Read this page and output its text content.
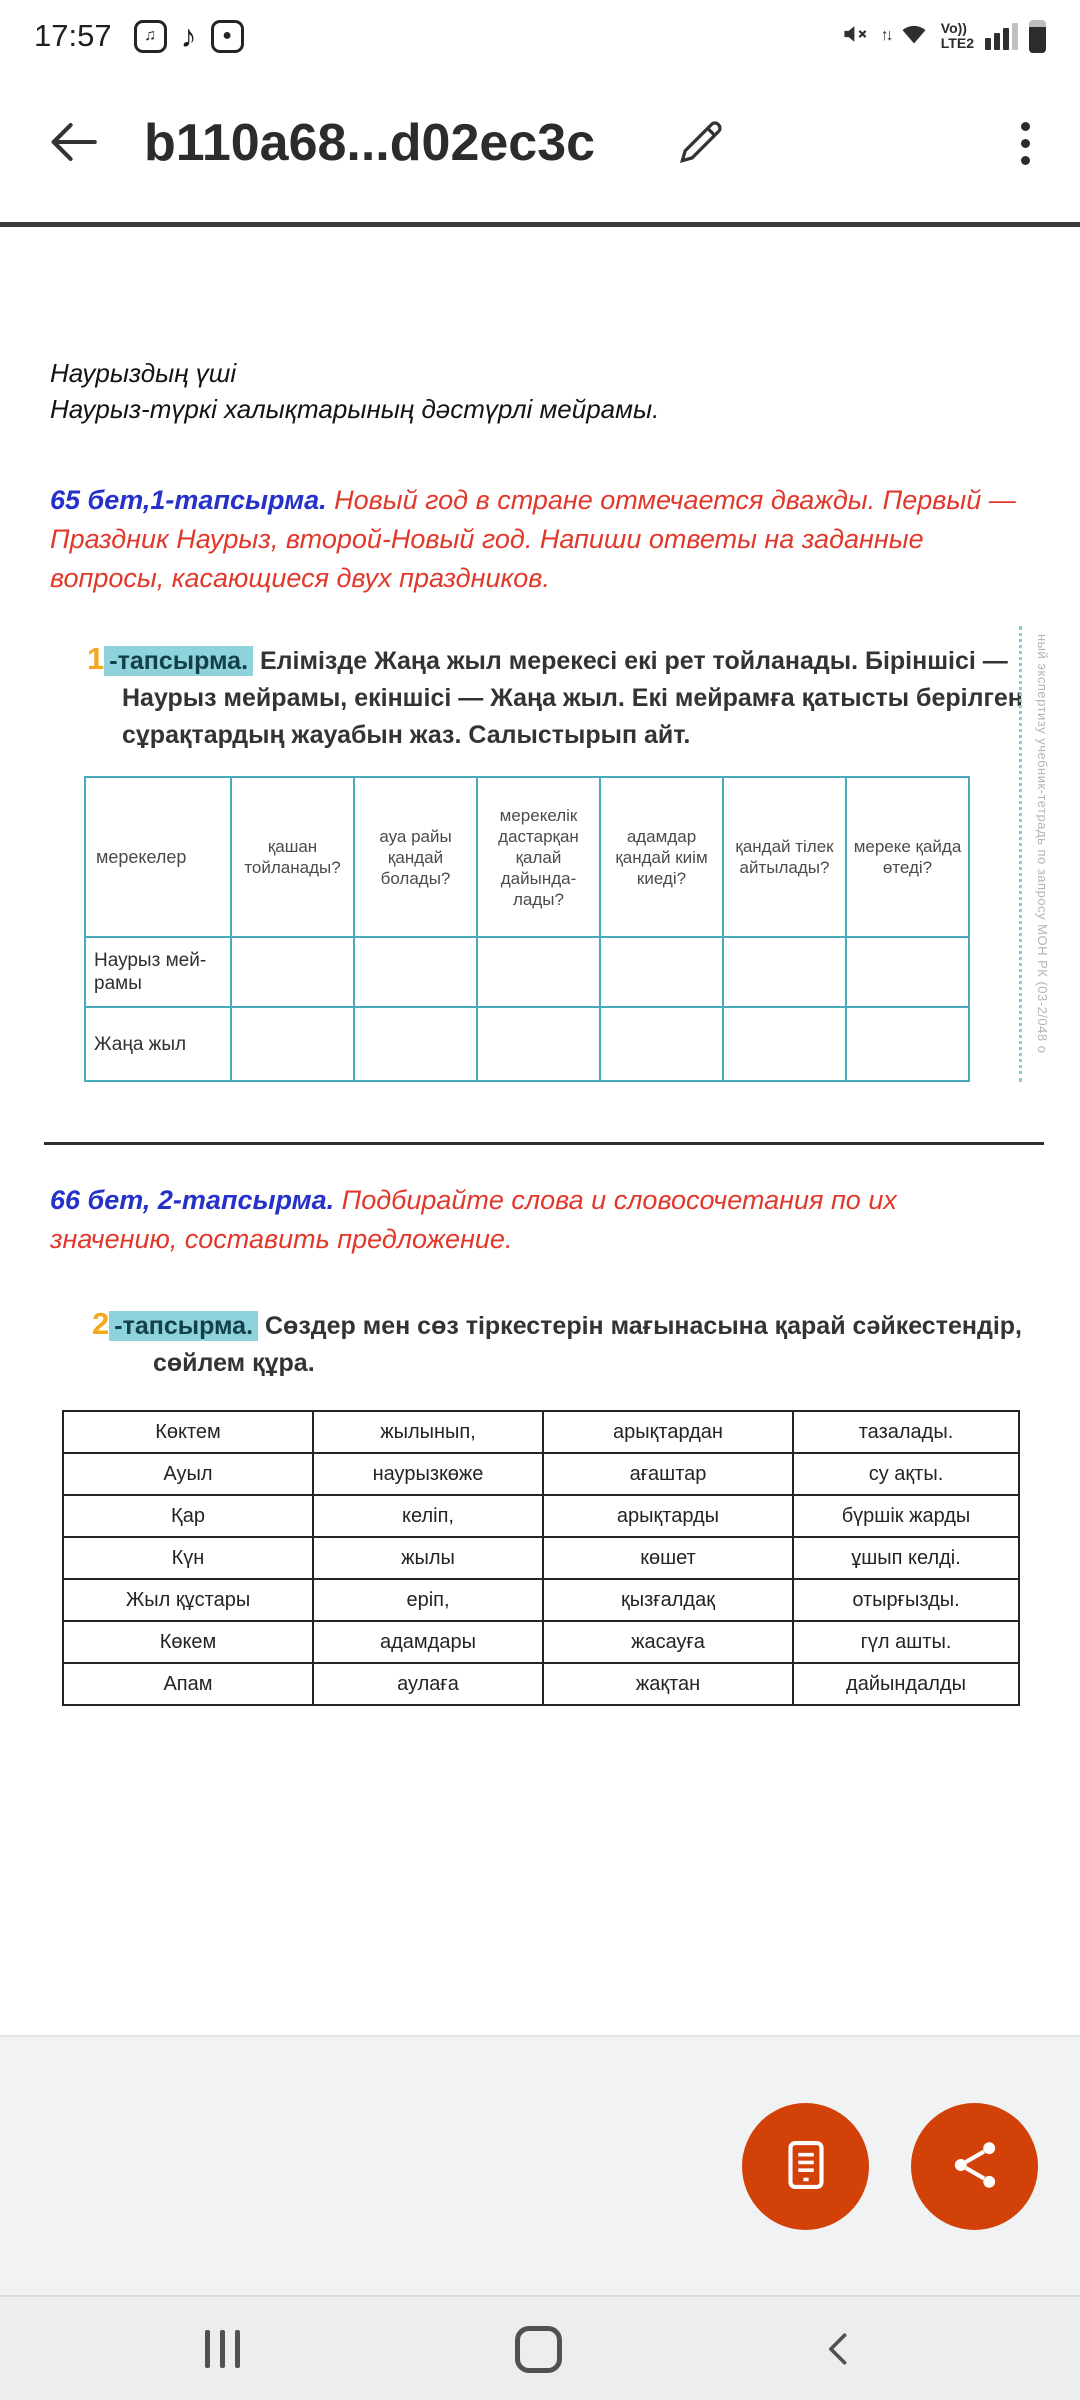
17:57	♫ ♪	●	↑↓	Vo))
LTE2
b110a68...d02ec3c
Наурыздың үші
Наурыз-түркі халықтарының дәстүрлі мейрамы.

65 бет,1-тапсырма. Новый год в стране отмечается дважды. Первый —Праздник Наурыз, второй-Новый год. Напиши ответы на заданные вопросы, касающиеся двух праздников.

1 -тапсырма. Елімізде Жаңа жыл мерекесі екі рет тойланады. Біріншісі — Наурыз мейрамы, екіншісі — Жаңа жыл. Екі мейрамға қатысты берілген сұрақтардың жауабын жаз. Салыстырып айт.

мерекелер	қашан тойланады?	ауа райы қандай болады?	мерекелік дастарқан қалай дайында-лады?	адамдар қандай киім киеді?	қандай тілек айтылады?	мереке қайда өтеді?
Наурыз мей-рамы						
Жаңа жыл							ный экспертизу учебник-тетрадь по запросу МОН РК (03-2/048 о

66 бет, 2-тапсырма. Подбирайте слова и словосочетания по их значению, составить предложение.

2 -тапсырма. Сөздер мен сөз тіркестерін мағынасына қарай сәйкестендір, сөйлем құра.

Көктем	жылынып,	арықтардан	тазалады.
Ауыл	наурызкөже	ағаштар	су ақты.
Қар	келіп,	арықтарды	бүршік жарды
Күн	жылы	көшет	ұшып келді.
Жыл құстары	еріп,	қызғалдақ	отырғызды.
Көкем	адамдары	жасауға	гүл ашты.
Апам	аулаға	жақтан	дайындалды
